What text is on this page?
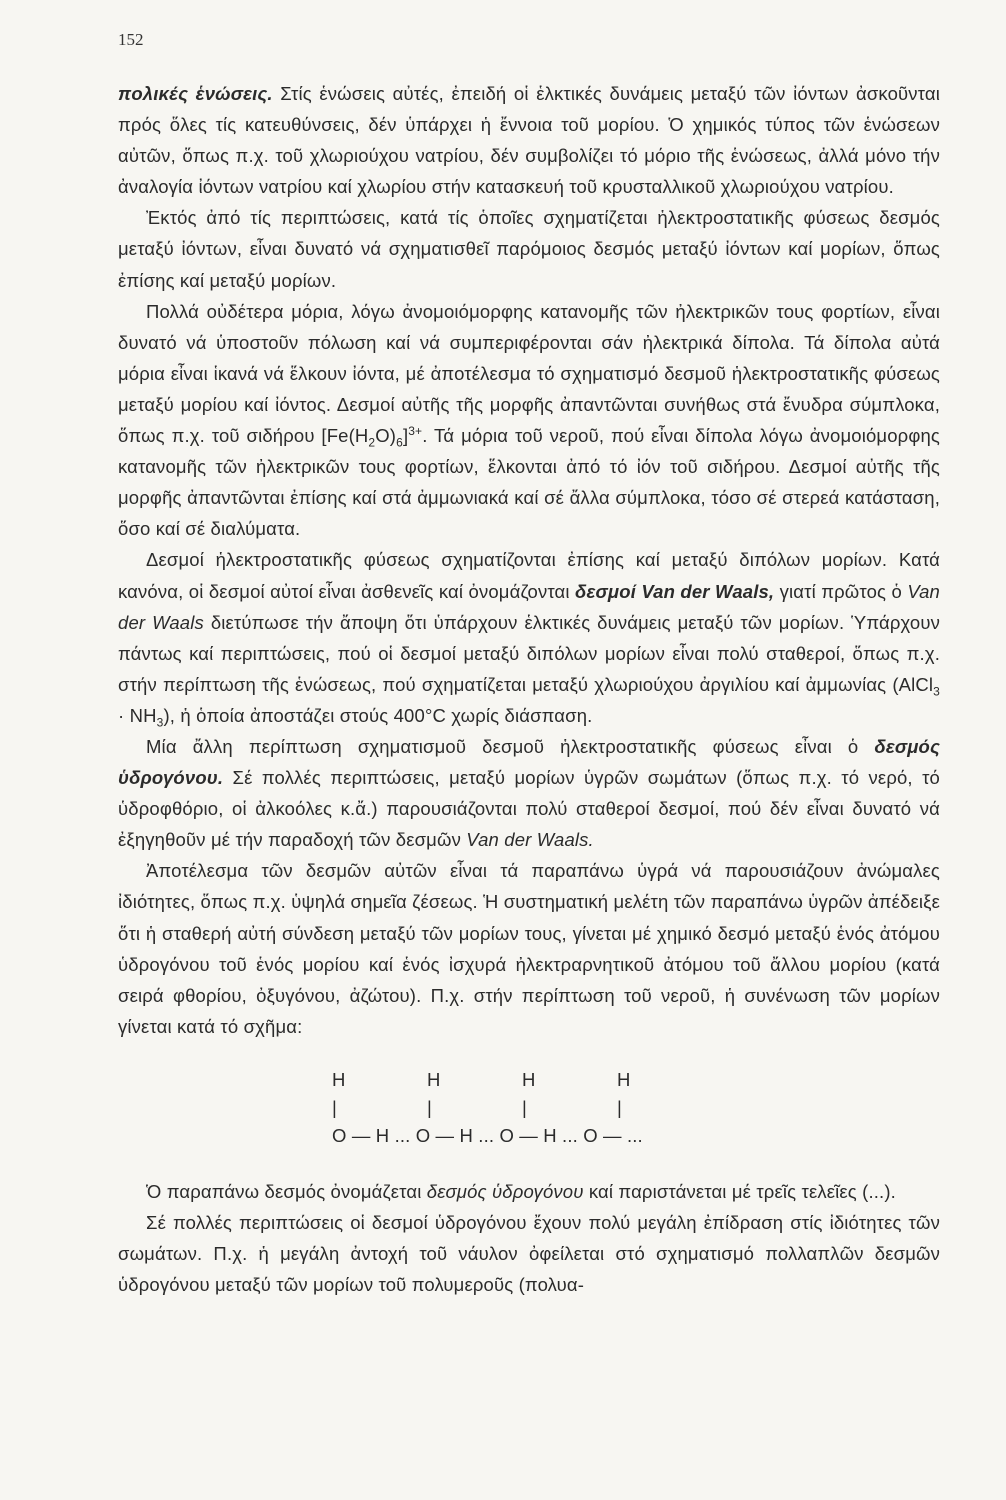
152

πολικές ἑνώσεις. Στίς ἑνώσεις αὐτές, ἐπειδή οἱ ἑλκτικές δυνάμεις μεταξύ τῶν ἰόντων ἀσκοῦνται πρός ὅλες τίς κατευθύνσεις, δέν ὑπάρχει ἡ ἔννοια τοῦ μορίου. Ὁ χημικός τύπος τῶν ἑνώσεων αὐτῶν, ὅπως π.χ. τοῦ χλωριούχου νατρίου, δέν συμβολίζει τό μόριο τῆς ἑνώσεως, ἀλλά μόνο τήν ἀναλογία ἰόντων νατρίου καί χλωρίου στήν κατασκευή τοῦ κρυσταλλικοῦ χλωριούχου νατρίου.

Ἐκτός ἀπό τίς περιπτώσεις, κατά τίς ὁποῖες σχηματίζεται ἡλεκτροστατικῆς φύσεως δεσμός μεταξύ ἰόντων, εἶναι δυνατό νά σχηματισθεῖ παρόμοιος δεσμός μεταξύ ἰόντων καί μορίων, ὅπως ἐπίσης καί μεταξύ μορίων.

Πολλά οὐδέτερα μόρια, λόγω ἀνομοιόμορφης κατανομῆς τῶν ἠλεκτρικῶν τους φορτίων, εἶναι δυνατό νά ὑποστοῦν πόλωση καί νά συμπεριφέρονται σάν ἠλεκτρικά δίπολα. Τά δίπολα αὐτά μόρια εἶναι ἱκανά νά ἕλκουν ἰόντα, μέ ἀποτέλεσμα τό σχηματισμό δεσμοῦ ἡλεκτροστατικῆς φύσεως μεταξύ μορίου καί ἰόντος. Δεσμοί αὐτῆς τῆς μορφῆς ἀπαντῶνται συνήθως στά ἔνυδρα σύμπλοκα, ὅπως π.χ. τοῦ σιδήρου $[Fe(H_2O)_6]^{3+}$. Τά μόρια τοῦ νεροῦ, πού εἶναι δίπολα λόγω ἀνομοιόμορφης κατανομῆς τῶν ἠλεκτρικῶν τους φορτίων, ἕλκονται ἀπό τό ἰόν τοῦ σιδήρου. Δεσμοί αὐτῆς τῆς μορφῆς ἀπαντῶνται ἐπίσης καί στά ἀμμωνιακά καί σέ ἄλλα σύμπλοκα, τόσο σέ στερεά κατάσταση, ὅσο καί σέ διαλύματα.

Δεσμοί ἡλεκτροστατικῆς φύσεως σχηματίζονται ἐπίσης καί μεταξύ διπόλων μορίων. Κατά κανόνα, οἱ δεσμοί αὐτοί εἶναι ἀσθενεῖς καί ὀνομάζονται δεσμοί Van der Waals, γιατί πρῶτος ὁ Van der Waals διετύπωσε τήν ἄποψη ὅτι ὑπάρχουν ἑλκτικές δυνάμεις μεταξύ τῶν μορίων. Ὑπάρχουν πάντως καί περιπτώσεις, πού οἱ δεσμοί μεταξύ διπόλων μορίων εἶναι πολύ σταθεροί, ὅπως π.χ. στήν περίπτωση τῆς ἑνώσεως, πού σχηματίζεται μεταξύ χλωριούχου ἀργιλίου καί ἀμμωνίας (AlCl$_3$ · $NH_3$), ἡ ὁποία ἀποστάζει στούς 400°C χωρίς διάσπαση.

Μία ἄλλη περίπτωση σχηματισμοῦ δεσμοῦ ἡλεκτροστατικῆς φύσεως εἶναι ὁ δεσμός ὑδρογόνου. Σέ πολλές περιπτώσεις, μεταξύ μορίων ὑγρῶν σωμάτων (ὅπως π.χ. τό νερό, τό ὑδροφθόριο, οἱ ἀλκοόλες κ.ἄ.) παρουσιάζονται πολύ σταθεροί δεσμοί, πού δέν εἶναι δυνατό νά ἐξηγηθοῦν μέ τήν παραδοχή τῶν δεσμῶν Van der Waals.

Ἀποτέλεσμα τῶν δεσμῶν αὐτῶν εἶναι τά παραπάνω ὑγρά νά παρουσιάζουν ἀνώμαλες ἰδιότητες, ὅπως π.χ. ὑψηλά σημεῖα ζέσεως. Ἡ συστηματική μελέτη τῶν παραπάνω ὑγρῶν ἀπέδειξε ὅτι ἡ σταθερή αὐτή σύνδεση μεταξύ τῶν μορίων τους, γίνεται μέ χημικό δεσμό μεταξύ ἑνός ἀτόμου ὑδρογόνου τοῦ ἑνός μορίου καί ἑνός ἰσχυρά ἠλεκτραρνητικοῦ ἀτόμου τοῦ ἄλλου μορίου (κατά σειρά φθορίου, ὀξυγόνου, ἀζώτου). Π.χ. στήν περίπτωση τοῦ νεροῦ, ἡ συνένωση τῶν μορίων γίνεται κατά τό σχῆμα:

H	H	H	H
|	|	|	|
O — H ... O — H ... O — H ... O — ...

Ὁ παραπάνω δεσμός ὀνομάζεται δεσμός ὑδρογόνου καί παριστάνεται μέ τρεῖς τελεῖες (...).

Σέ πολλές περιπτώσεις οἱ δεσμοί ὑδρογόνου ἔχουν πολύ μεγάλη ἐπίδραση στίς ἰδιότητες τῶν σωμάτων. Π.χ. ἡ μεγάλη ἀντοχή τοῦ νάυλον ὀφείλεται στό σχηματισμό πολλαπλῶν δεσμῶν ὑδρογόνου μεταξύ τῶν μορίων τοῦ πολυμεροῦς (πολυα-
